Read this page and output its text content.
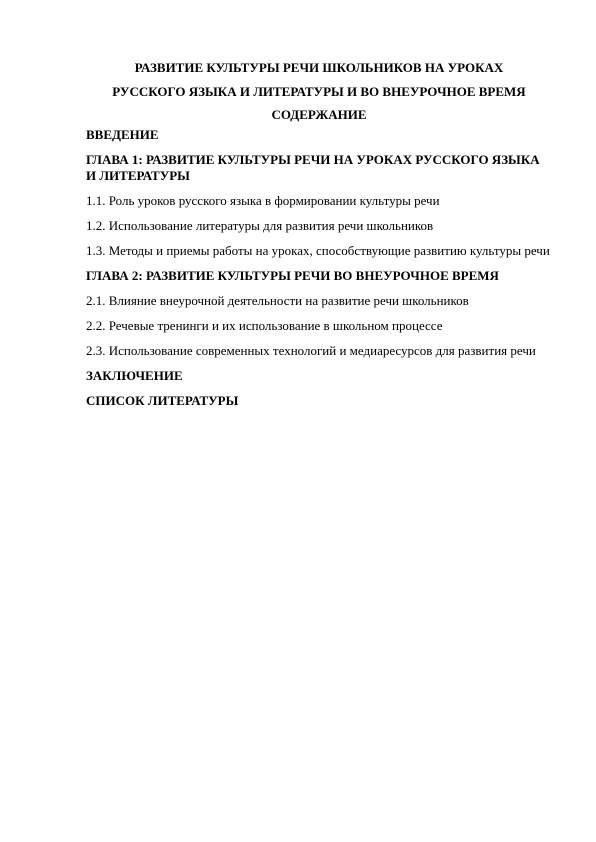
РАЗВИТИЕ КУЛЬТУРЫ РЕЧИ ШКОЛЬНИКОВ НА УРОКАХ

РУССКОГО ЯЗЫКА И ЛИТЕРАТУРЫ И ВО ВНЕУРОЧНОЕ ВРЕМЯ

СОДЕРЖАНИЕ

ВВЕДЕНИЕ
ГЛАВА 1: РАЗВИТИЕ КУЛЬТУРЫ РЕЧИ НА УРОКАХ РУССКОГО ЯЗЫКА И ЛИТЕРАТУРЫ
1.1. Роль уроков русского языка в формировании культуры речи
1.2. Использование литературы для развития речи школьников
1.3. Методы и приемы работы на уроках, способствующие развитию культуры речи
ГЛАВА 2: РАЗВИТИЕ КУЛЬТУРЫ РЕЧИ ВО ВНЕУРОЧНОЕ ВРЕМЯ
2.1. Влияние внеурочной деятельности на развитие речи школьников
2.2. Речевые тренинги и их использование в школьном процессе
2.3. Использование современных технологий и медиаресурсов для развития речи
ЗАКЛЮЧЕНИЕ
СПИСОК ЛИТЕРАТУРЫ
